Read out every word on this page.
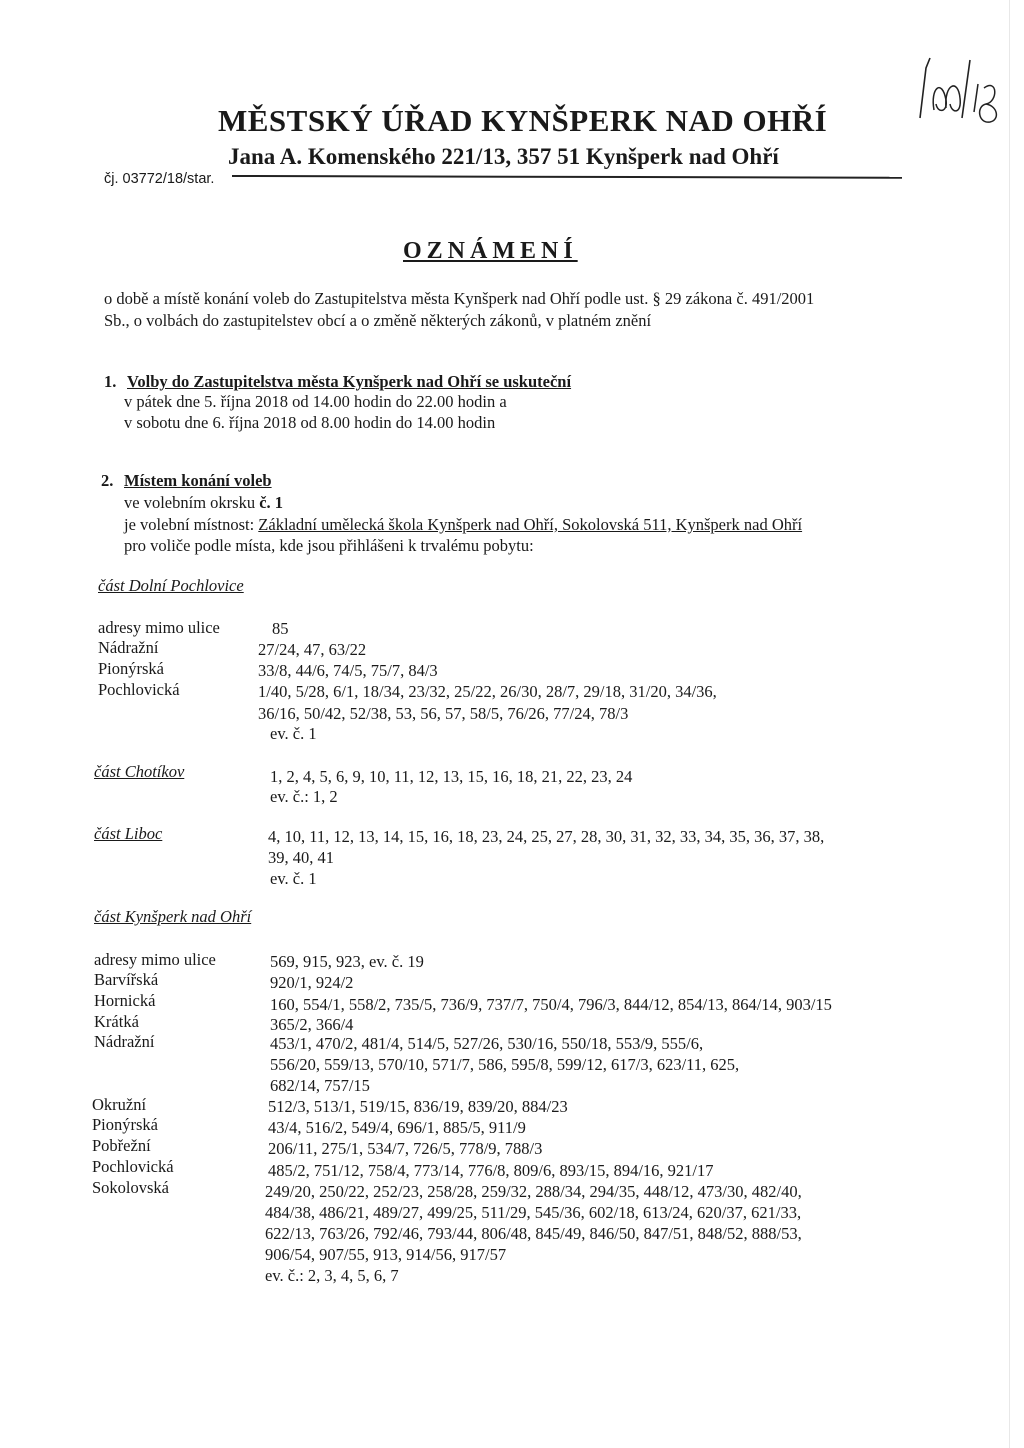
MĚSTSKÝ ÚŘAD KYNŠPERK NAD OHŘÍ
Jana A. Komenského 221/13, 357 51 Kynšperk nad Ohří
čj. 03772/18/star.
OZNÁMENÍ
o době a místě konání voleb do Zastupitelstva města Kynšperk nad Ohří podle ust. § 29 zákona č. 491/2001
Sb., o volbách do zastupitelstev obcí a o změně některých zákonů, v platném znění
1. Volby do Zastupitelstva města Kynšperk nad Ohří se uskuteční
v pátek dne 5. října 2018 od 14.00 hodin do 22.00 hodin a
v sobotu dne 6. října 2018 od 8.00 hodin do 14.00 hodin
2. Místem konání voleb
ve volebním okrsku č. 1
je volební místnost: Základní umělecká škola Kynšperk nad Ohří, Sokolovská 511, Kynšperk nad Ohří
pro voliče podle místa, kde jsou přihlášeni k trvalému pobytu:
část Dolní Pochlovice
adresy mimo ulice	85
Nádražní	27/24, 47, 63/22
Pionýrská	33/8, 44/6, 74/5, 75/7, 84/3
Pochlovická	1/40, 5/28, 6/1, 18/34, 23/32, 25/22, 26/30, 28/7, 29/18, 31/20, 34/36,
36/16, 50/42, 52/38, 53, 56, 57, 58/5, 76/26, 77/24, 78/3
ev. č. 1
část Chotíkov	1, 2, 4, 5, 6, 9, 10, 11, 12, 13, 15, 16, 18, 21, 22, 23, 24
ev. č.: 1, 2
část Liboc	4, 10, 11, 12, 13, 14, 15, 16, 18, 23, 24, 25, 27, 28, 30, 31, 32, 33, 34, 35, 36, 37, 38,
39, 40, 41
ev. č. 1
část Kynšperk nad Ohří
adresy mimo ulice	569, 915, 923, ev. č. 19
Barvířská	920/1, 924/2
Hornická	160, 554/1, 558/2, 735/5, 736/9, 737/7, 750/4, 796/3, 844/12, 854/13, 864/14, 903/15
Krátká	365/2, 366/4
Nádražní	453/1, 470/2, 481/4, 514/5, 527/26, 530/16, 550/18, 553/9, 555/6,
556/20, 559/13, 570/10, 571/7, 586, 595/8, 599/12, 617/3, 623/11, 625,
682/14, 757/15
Okružní	512/3, 513/1, 519/15, 836/19, 839/20, 884/23
Pionýrská	43/4, 516/2, 549/4, 696/1, 885/5, 911/9
Pobřežní	206/11, 275/1, 534/7, 726/5, 778/9, 788/3
Pochlovická	485/2, 751/12, 758/4, 773/14, 776/8, 809/6, 893/15, 894/16, 921/17
Sokolovská	249/20, 250/22, 252/23, 258/28, 259/32, 288/34, 294/35, 448/12, 473/30, 482/40,
484/38, 486/21, 489/27, 499/25, 511/29, 545/36, 602/18, 613/24, 620/37, 621/33,
622/13, 763/26, 792/46, 793/44, 806/48, 845/49, 846/50, 847/51, 848/52, 888/53,
906/54, 907/55, 913, 914/56, 917/57
ev. č.: 2, 3, 4, 5, 6, 7
